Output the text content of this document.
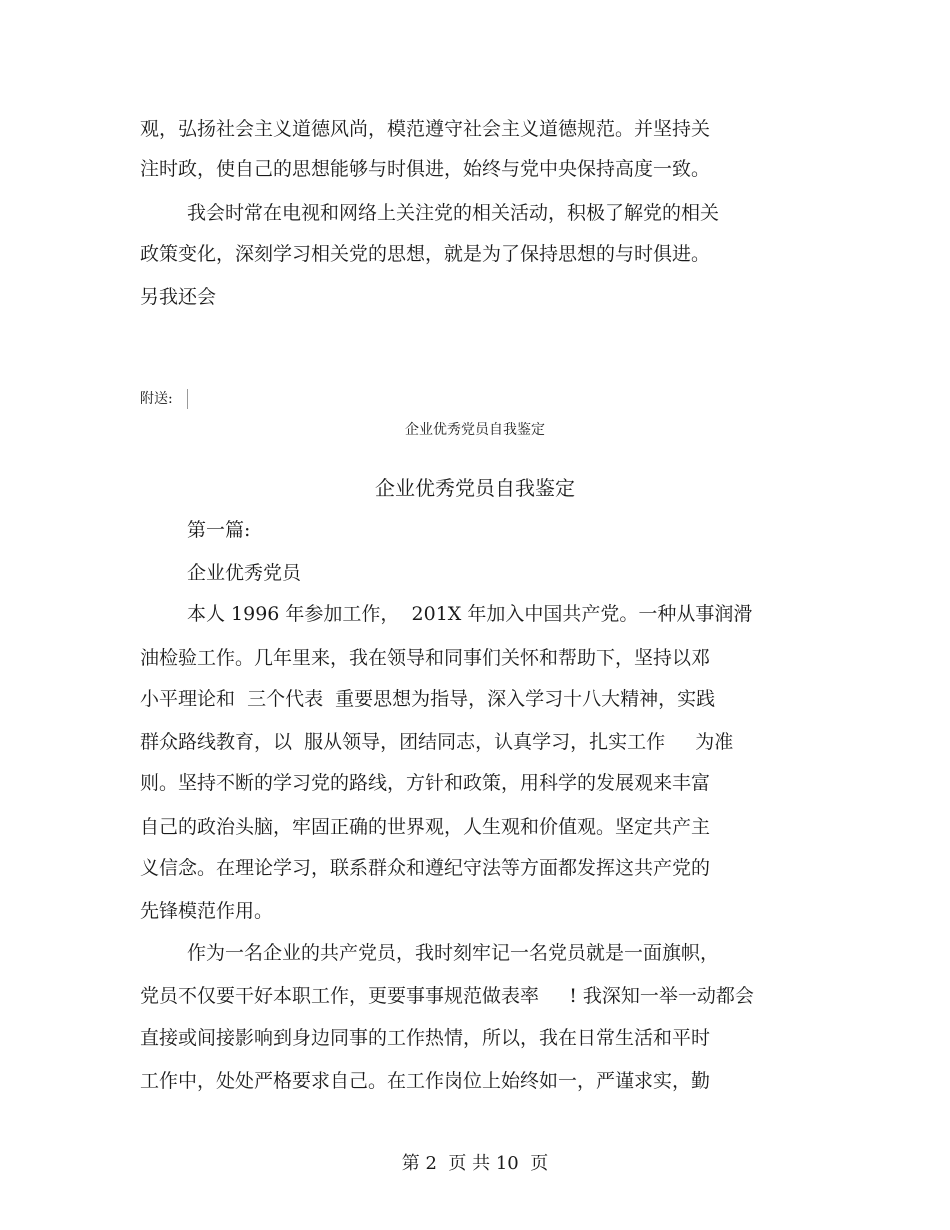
观，弘扬社会主义道德风尚，模范遵守社会主义道德规范。并坚持关
注时政，使自己的思想能够与时俱进，始终与党中央保持高度一致。
我会时常在电视和网络上关注党的相关活动，积极了解党的相关
政策变化，深刻学习相关党的思想，就是为了保持思想的与时俱进。
另我还会
附送:
企业优秀党员自我鉴定
企业优秀党员自我鉴定
第一篇:
企业优秀党员
本人 1996 年参加工作，  201X 年加入中国共产党。一种从事润滑
油检验工作。几年里来，我在领导和同事们关怀和帮助下，坚持以邓
小平理论和  三个代表  重要思想为指导，深入学习十八大精神，实践
群众路线教育，以  服从领导，团结同志，认真学习，扎实工作     为准
则。坚持不断的学习党的路线，方针和政策，用科学的发展观来丰富
自己的政治头脑，牢固正确的世界观，人生观和价值观。坚定共产主
义信念。在理论学习，联系群众和遵纪守法等方面都发挥这共产党的
先锋模范作用。
作为一名企业的共产党员，我时刻牢记一名党员就是一面旗帜，
党员不仅要干好本职工作，更要事事规范做表率     ! 我深知一举一动都会
直接或间接影响到身边同事的工作热情，所以，我在日常生活和平时
工作中，处处严格要求自己。在工作岗位上始终如一，严谨求实，勤
第 2  页 共 10  页
